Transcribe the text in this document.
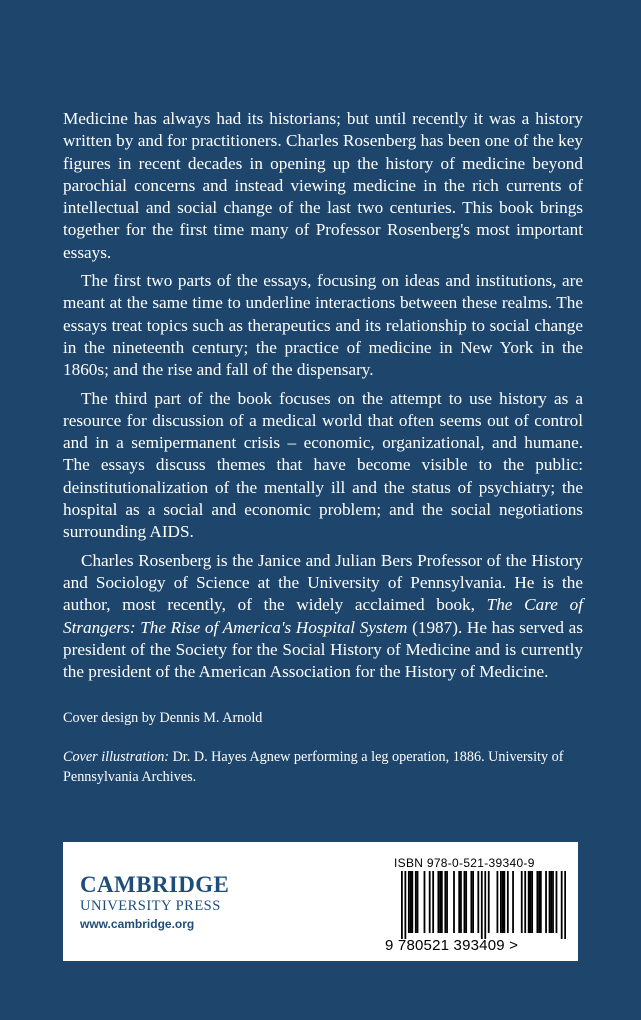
Medicine has always had its historians; but until recently it was a history written by and for practitioners. Charles Rosenberg has been one of the key figures in recent decades in opening up the history of medicine beyond parochial concerns and instead viewing medicine in the rich currents of intellectual and social change of the last two centuries. This book brings together for the first time many of Professor Rosenberg's most important essays.

The first two parts of the essays, focusing on ideas and institutions, are meant at the same time to underline interactions between these realms. The essays treat topics such as therapeutics and its relationship to social change in the nineteenth century; the practice of medicine in New York in the 1860s; and the rise and fall of the dispensary.

The third part of the book focuses on the attempt to use history as a resource for discussion of a medical world that often seems out of control and in a semipermanent crisis – economic, organizational, and humane. The essays discuss themes that have become visible to the public: deinstitutionalization of the mentally ill and the status of psychiatry; the hospital as a social and economic problem; and the social negotiations surrounding AIDS.

Charles Rosenberg is the Janice and Julian Bers Professor of the History and Sociology of Science at the University of Pennsylvania. He is the author, most recently, of the widely acclaimed book, The Care of Strangers: The Rise of America's Hospital System (1987). He has served as president of the Society for the Social History of Medicine and is currently the president of the American Association for the History of Medicine.

Cover design by Dennis M. Arnold
Cover illustration: Dr. D. Hayes Agnew performing a leg operation, 1886. University of Pennsylvania Archives.
CAMBRIDGE
UNIVERSITY PRESS
www.cambridge.org
ISBN 978-0-521-39340-9
9 780521 393409 >
